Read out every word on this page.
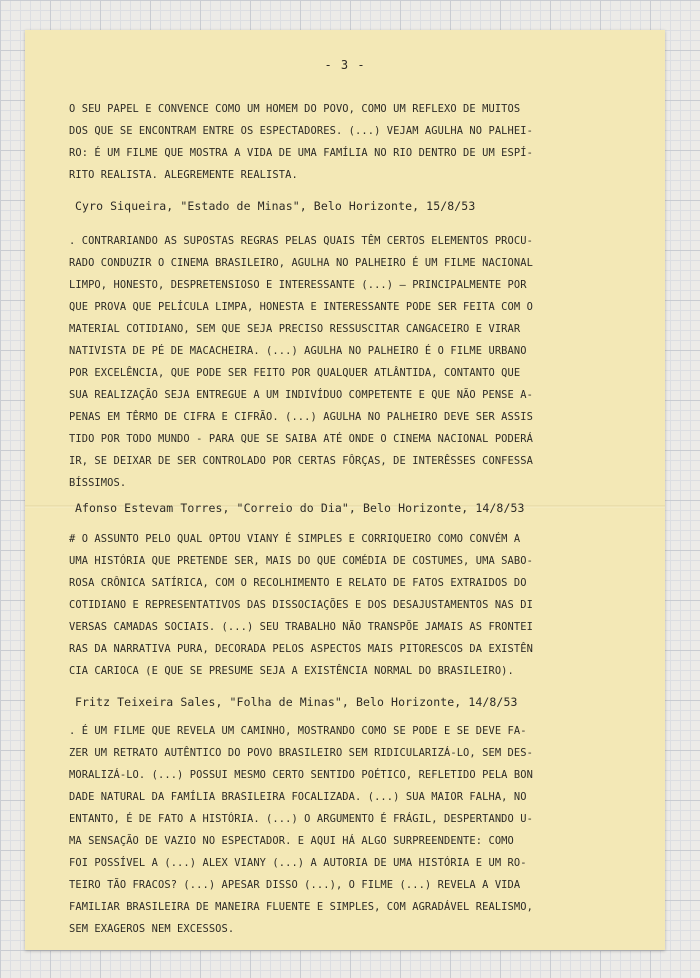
- 3 -
O SEU PAPEL E CONVENCE COMO UM HOMEM DO POVO, COMO UM REFLEXO DE MUITOS
DOS QUE SE ENCONTRAM ENTRE OS ESPECTADORES. (...) VEJAM AGULHA NO PALHEI-
RO: É UM FILME QUE MOSTRA A VIDA DE UMA FAMÍLIA NO RIO DENTRO DE UM ESPÍ-
RITO REALISTA. ALEGREMENTE REALISTA.
Cyro Siqueira, "Estado de Minas", Belo Horizonte, 15/8/53
. CONTRARIANDO AS SUPOSTAS REGRAS PELAS QUAIS TÊM CERTOS ELEMENTOS PROCU-
RADO CONDUZIR O CINEMA BRASILEIRO, AGULHA NO PALHEIRO É UM FILME NACIONAL
LIMPO, HONESTO, DESPRETENSIOSO E INTERESSANTE (...) — PRINCIPALMENTE POR
QUE PROVA QUE PELÍCULA LIMPA, HONESTA E INTERESSANTE PODE SER FEITA COM O
MATERIAL COTIDIANO, SEM QUE SEJA PRECISO RESSUSCITAR CANGACEIRO E VIRAR
NATIVISTA DE PÉ DE MACACHEIRA. (...) AGULHA NO PALHEIRO É O FILME URBANO
POR EXCELÊNCIA, QUE PODE SER FEITO POR QUALQUER ATLÂNTIDA, CONTANTO QUE
SUA REALIZAÇÃO SEJA ENTREGUE A UM INDIVÍDUO COMPETENTE E QUE NÃO PENSE A-
PENAS EM TÊRMO DE CIFRA E CIFRÃO. (...) AGULHA NO PALHEIRO DEVE SER ASSIS
TIDO POR TODO MUNDO - PARA QUE SE SAIBA ATÉ ONDE O CINEMA NACIONAL PODERÁ
IR, SE DEIXAR DE SER CONTROLADO POR CERTAS FÔRÇAS, DE INTERÊSSES CONFESSA
BÍSSIMOS.
Afonso Estevam Torres, "Correio do Dia", Belo Horizonte, 14/8/53
# O ASSUNTO PELO QUAL OPTOU VIANY É SIMPLES E CORRIQUEIRO COMO CONVÉM A
UMA HISTÓRIA QUE PRETENDE SER, MAIS DO QUE COMÉDIA DE COSTUMES, UMA SABO-
ROSA CRÔNICA SATÍRICA, COM O RECOLHIMENTO E RELATO DE FATOS EXTRAIDOS DO
COTIDIANO E REPRESENTATIVOS DAS DISSOCIAÇÕES E DOS DESAJUSTAMENTOS NAS DI
VERSAS CAMADAS SOCIAIS. (...) SEU TRABALHO NÃO TRANSPÕE JAMAIS AS FRONTEI
RAS DA NARRATIVA PURA, DECORADA PELOS ASPECTOS MAIS PITORESCOS DA EXISTÊN
CIA CARIOCA (E QUE SE PRESUME SEJA A EXISTÊNCIA NORMAL DO BRASILEIRO).
Fritz Teixeira Sales, "Folha de Minas", Belo Horizonte, 14/8/53
. É UM FILME QUE REVELA UM CAMINHO, MOSTRANDO COMO SE PODE E SE DEVE FA-
ZER UM RETRATO AUTÊNTICO DO POVO BRASILEIRO SEM RIDICULARIZÁ-LO, SEM DES-
MORALIZÁ-LO. (...) POSSUI MESMO CERTO SENTIDO POÉTICO, REFLETIDO PELA BON
DADE NATURAL DA FAMÍLIA BRASILEIRA FOCALIZADA. (...) SUA MAIOR FALHA, NO
ENTANTO, É DE FATO A HISTÓRIA. (...) O ARGUMENTO É FRÁGIL, DESPERTANDO U-
MA SENSAÇÃO DE VAZIO NO ESPECTADOR. E AQUI HÁ ALGO SURPREENDENTE: COMO
FOI POSSÍVEL A (...) ALEX VIANY (...) A AUTORIA DE UMA HISTÓRIA E UM RO-
TEIRO TÃO FRACOS? (...) APESAR DISSO (...), O FILME (...) REVELA A VIDA
FAMILIAR BRASILEIRA DE MANEIRA FLUENTE E SIMPLES, COM AGRADÁVEL REALISMO,
SEM EXAGEROS NEM EXCESSOS.
